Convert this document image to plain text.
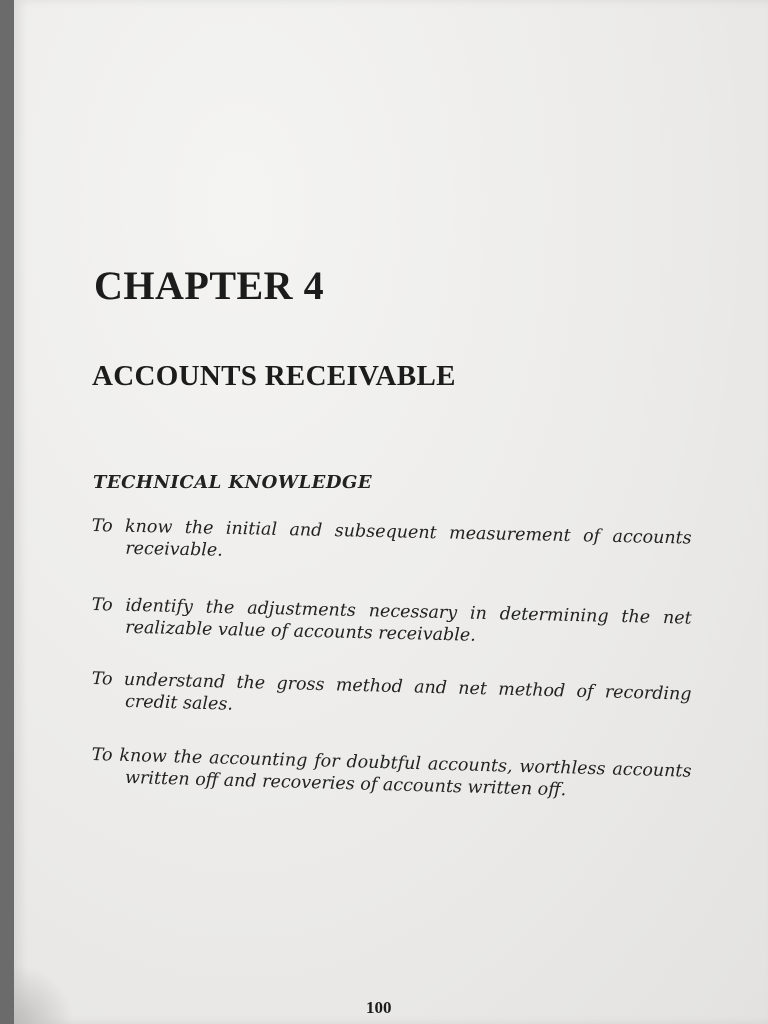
CHAPTER 4
ACCOUNTS RECEIVABLE
TECHNICAL KNOWLEDGE
To know the initial and subsequent measurement of accounts receivable.
To identify the adjustments necessary in determining the net realizable value of accounts receivable.
To understand the gross method and net method of recording credit sales.
To know the accounting for doubtful accounts, worthless accounts written off and recoveries of accounts written off.
100
